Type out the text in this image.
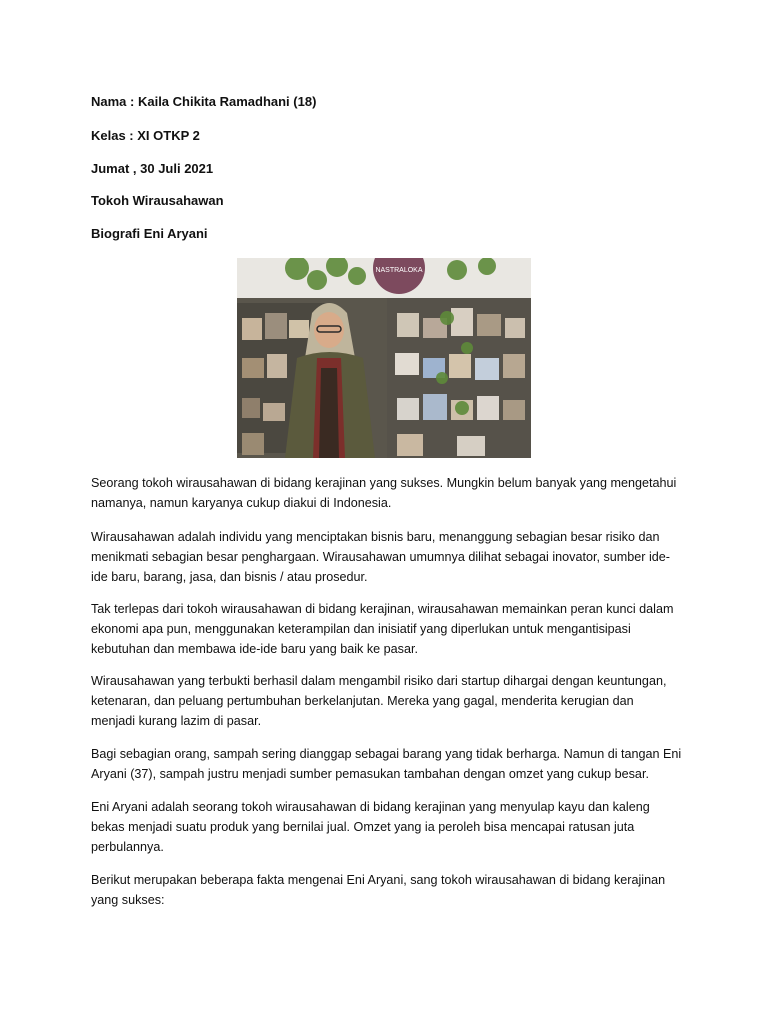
Nama : Kaila Chikita Ramadhani (18)
Kelas : XI OTKP 2
Jumat , 30 Juli 2021
Tokoh Wirausahawan
Biografi Eni Aryani
NASTRALOKA
Seorang tokoh wirausahawan di bidang kerajinan yang sukses. Mungkin belum banyak yang mengetahui
namanya, namun karyanya cukup diakui di Indonesia.
Wirausahawan adalah individu yang menciptakan bisnis baru, menanggung sebagian besar risiko dan
menikmati sebagian besar penghargaan. Wirausahawan umumnya dilihat sebagai inovator, sumber ide-
ide baru, barang, jasa, dan bisnis / atau prosedur.
Tak terlepas dari tokoh wirausahawan di bidang kerajinan, wirausahawan memainkan peran kunci dalam
ekonomi apa pun, menggunakan keterampilan dan inisiatif yang diperlukan untuk mengantisipasi
kebutuhan dan membawa ide-ide baru yang baik ke pasar.
Wirausahawan yang terbukti berhasil dalam mengambil risiko dari startup dihargai dengan keuntungan,
ketenaran, dan peluang pertumbuhan berkelanjutan. Mereka yang gagal, menderita kerugian dan
menjadi kurang lazim di pasar.
Bagi sebagian orang, sampah sering dianggap sebagai barang yang tidak berharga. Namun di tangan Eni
Aryani (37), sampah justru menjadi sumber pemasukan tambahan dengan omzet yang cukup besar.
Eni Aryani adalah seorang tokoh wirausahawan di bidang kerajinan yang menyulap kayu dan kaleng
bekas menjadi suatu produk yang bernilai jual. Omzet yang ia peroleh bisa mencapai ratusan juta
perbulannya.
Berikut merupakan beberapa fakta mengenai Eni Aryani, sang tokoh wirausahawan di bidang kerajinan
yang sukses:
